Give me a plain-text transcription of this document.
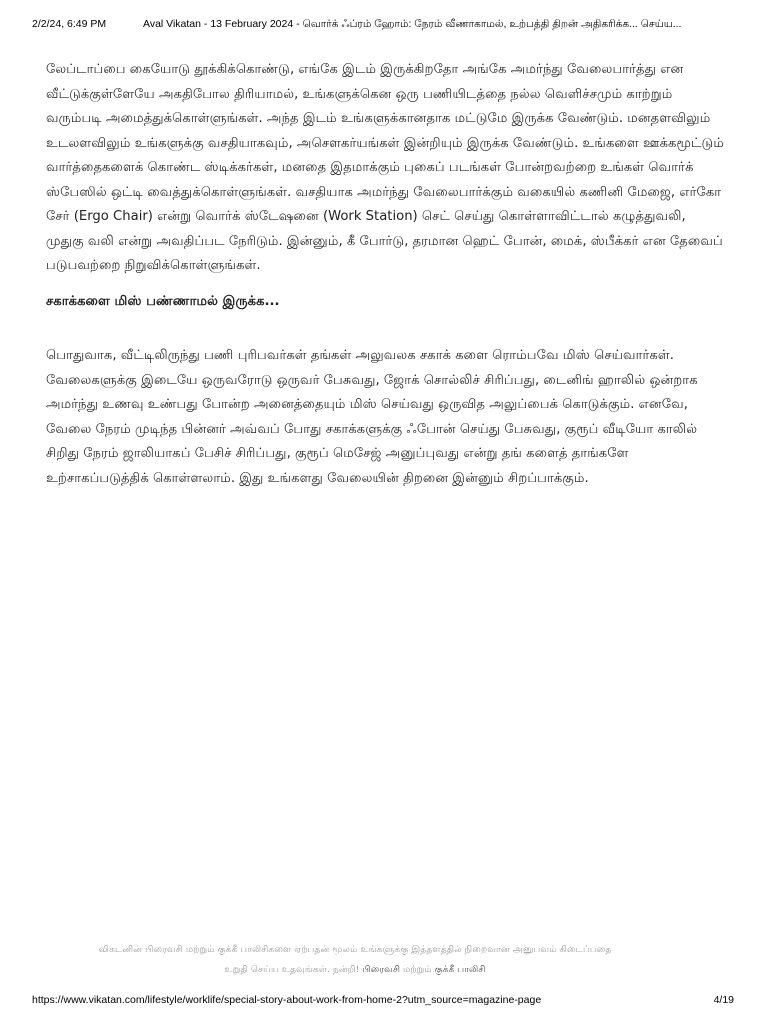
2/2/24, 6:49 PM	Aval Vikatan - 13 February 2024 - வொர்க் ஃப்ரம் ஹோம்: நேரம் வீணாகாமல், உற்பத்தி திறன் அதிகரிக்க... செய்ய...

லேப்டாப்பை கையோடு தூக்கிக்கொண்டு, எங்கே இடம் இருக்கிறதோ அங்கே அமர்ந்து வேலைபார்த்து என வீட்டுக்குள்ளேயே அகதிபோல திரியாமல், உங்களுக்கென ஒரு பணியிடத்தை நல்ல வெளிச்சமும் காற்றும் வரும்படி அமைத்துக்கொள்ளுங்கள். அந்த இடம் உங்களுக்கானதாக மட்டுமே இருக்க வேண்டும். மனதளவிலும் உடலளவிலும் உங்களுக்கு வசதியாகவும், அசௌகர்யங்கள் இன்றியும் இருக்க வேண்டும். உங்களை ஊக்கமூட்டும் வார்த்தைகளைக் கொண்ட ஸ்டிக்கர்கள், மனதை இதமாக்கும் புகைப் படங்கள் போன்றவற்றை உங்கள் வொர்க் ஸ்பேஸில் ஒட்டி வைத்துக்கொள்ளுங்கள். வசதியாக அமர்ந்து வேலைபார்க்கும் வகையில் கணினி மேஜை, எர்கோ சேர் (Ergo Chair) என்று வொர்க் ஸ்டேஷனை (Work Station) செட் செய்து கொள்ளாவிட்டால் கழுத்துவலி, முதுகு வலி என்று அவதிப்பட நேரிடும். இன்னும், கீ போர்டு, தரமான ஹெட் போன், மைக், ஸ்பீக்கர் என தேவைப் படுபவற்றை நிறுவிக்கொள்ளுங்கள்.

சகாக்களை மிஸ் பண்ணாமல் இருக்க...

பொதுவாக, வீட்டிலிருந்து பணி புரிபவர்கள் தங்கள் அலுவலக சகாக் களை ரொம்பவே மிஸ் செய்வார்கள். வேலைகளுக்கு இடையே ஒருவரோடு ஒருவர் பேசுவது, ஜோக் சொல்லிச் சிரிப்பது, டைனிங் ஹாலில் ஒன்றாக அமர்ந்து உணவு உண்பது போன்ற அனைத்தையும் மிஸ் செய்வது ஒருவித அலுப்பைக் கொடுக்கும். எனவே, வேலை நேரம் முடிந்த பின்னர் அவ்வப் போது சகாக்களுக்கு ஃபோன் செய்து பேசுவது, குரூப் வீடியோ காலில் சிறிது நேரம் ஜாலியாகப் பேசிச் சிரிப்பது, குரூப் மெசேஜ் அனுப்புவது என்று தங் களைத் தாங்களே உற்சாகப்படுத்திக் கொள்ளலாம். இது உங்களது வேலையின் திறனை இன்னும் சிறப்பாக்கும்.

விகடனின் பிரைவசி மற்றும் குக்கீ பாலிசிகளை ஏற்பதன் மூலம் உங்களுக்கு இத்தளத்தில் நிறைவான அனுபவம் கிடைப்பதை
உறுதி செய்ய உதவுங்கள். நன்றி! பிரைவசி மற்றும் குக்கீ பாலிசி
https://www.vikatan.com/lifestyle/worklife/special-story-about-work-from-home-2?utm_source=magazine-page	4/19
